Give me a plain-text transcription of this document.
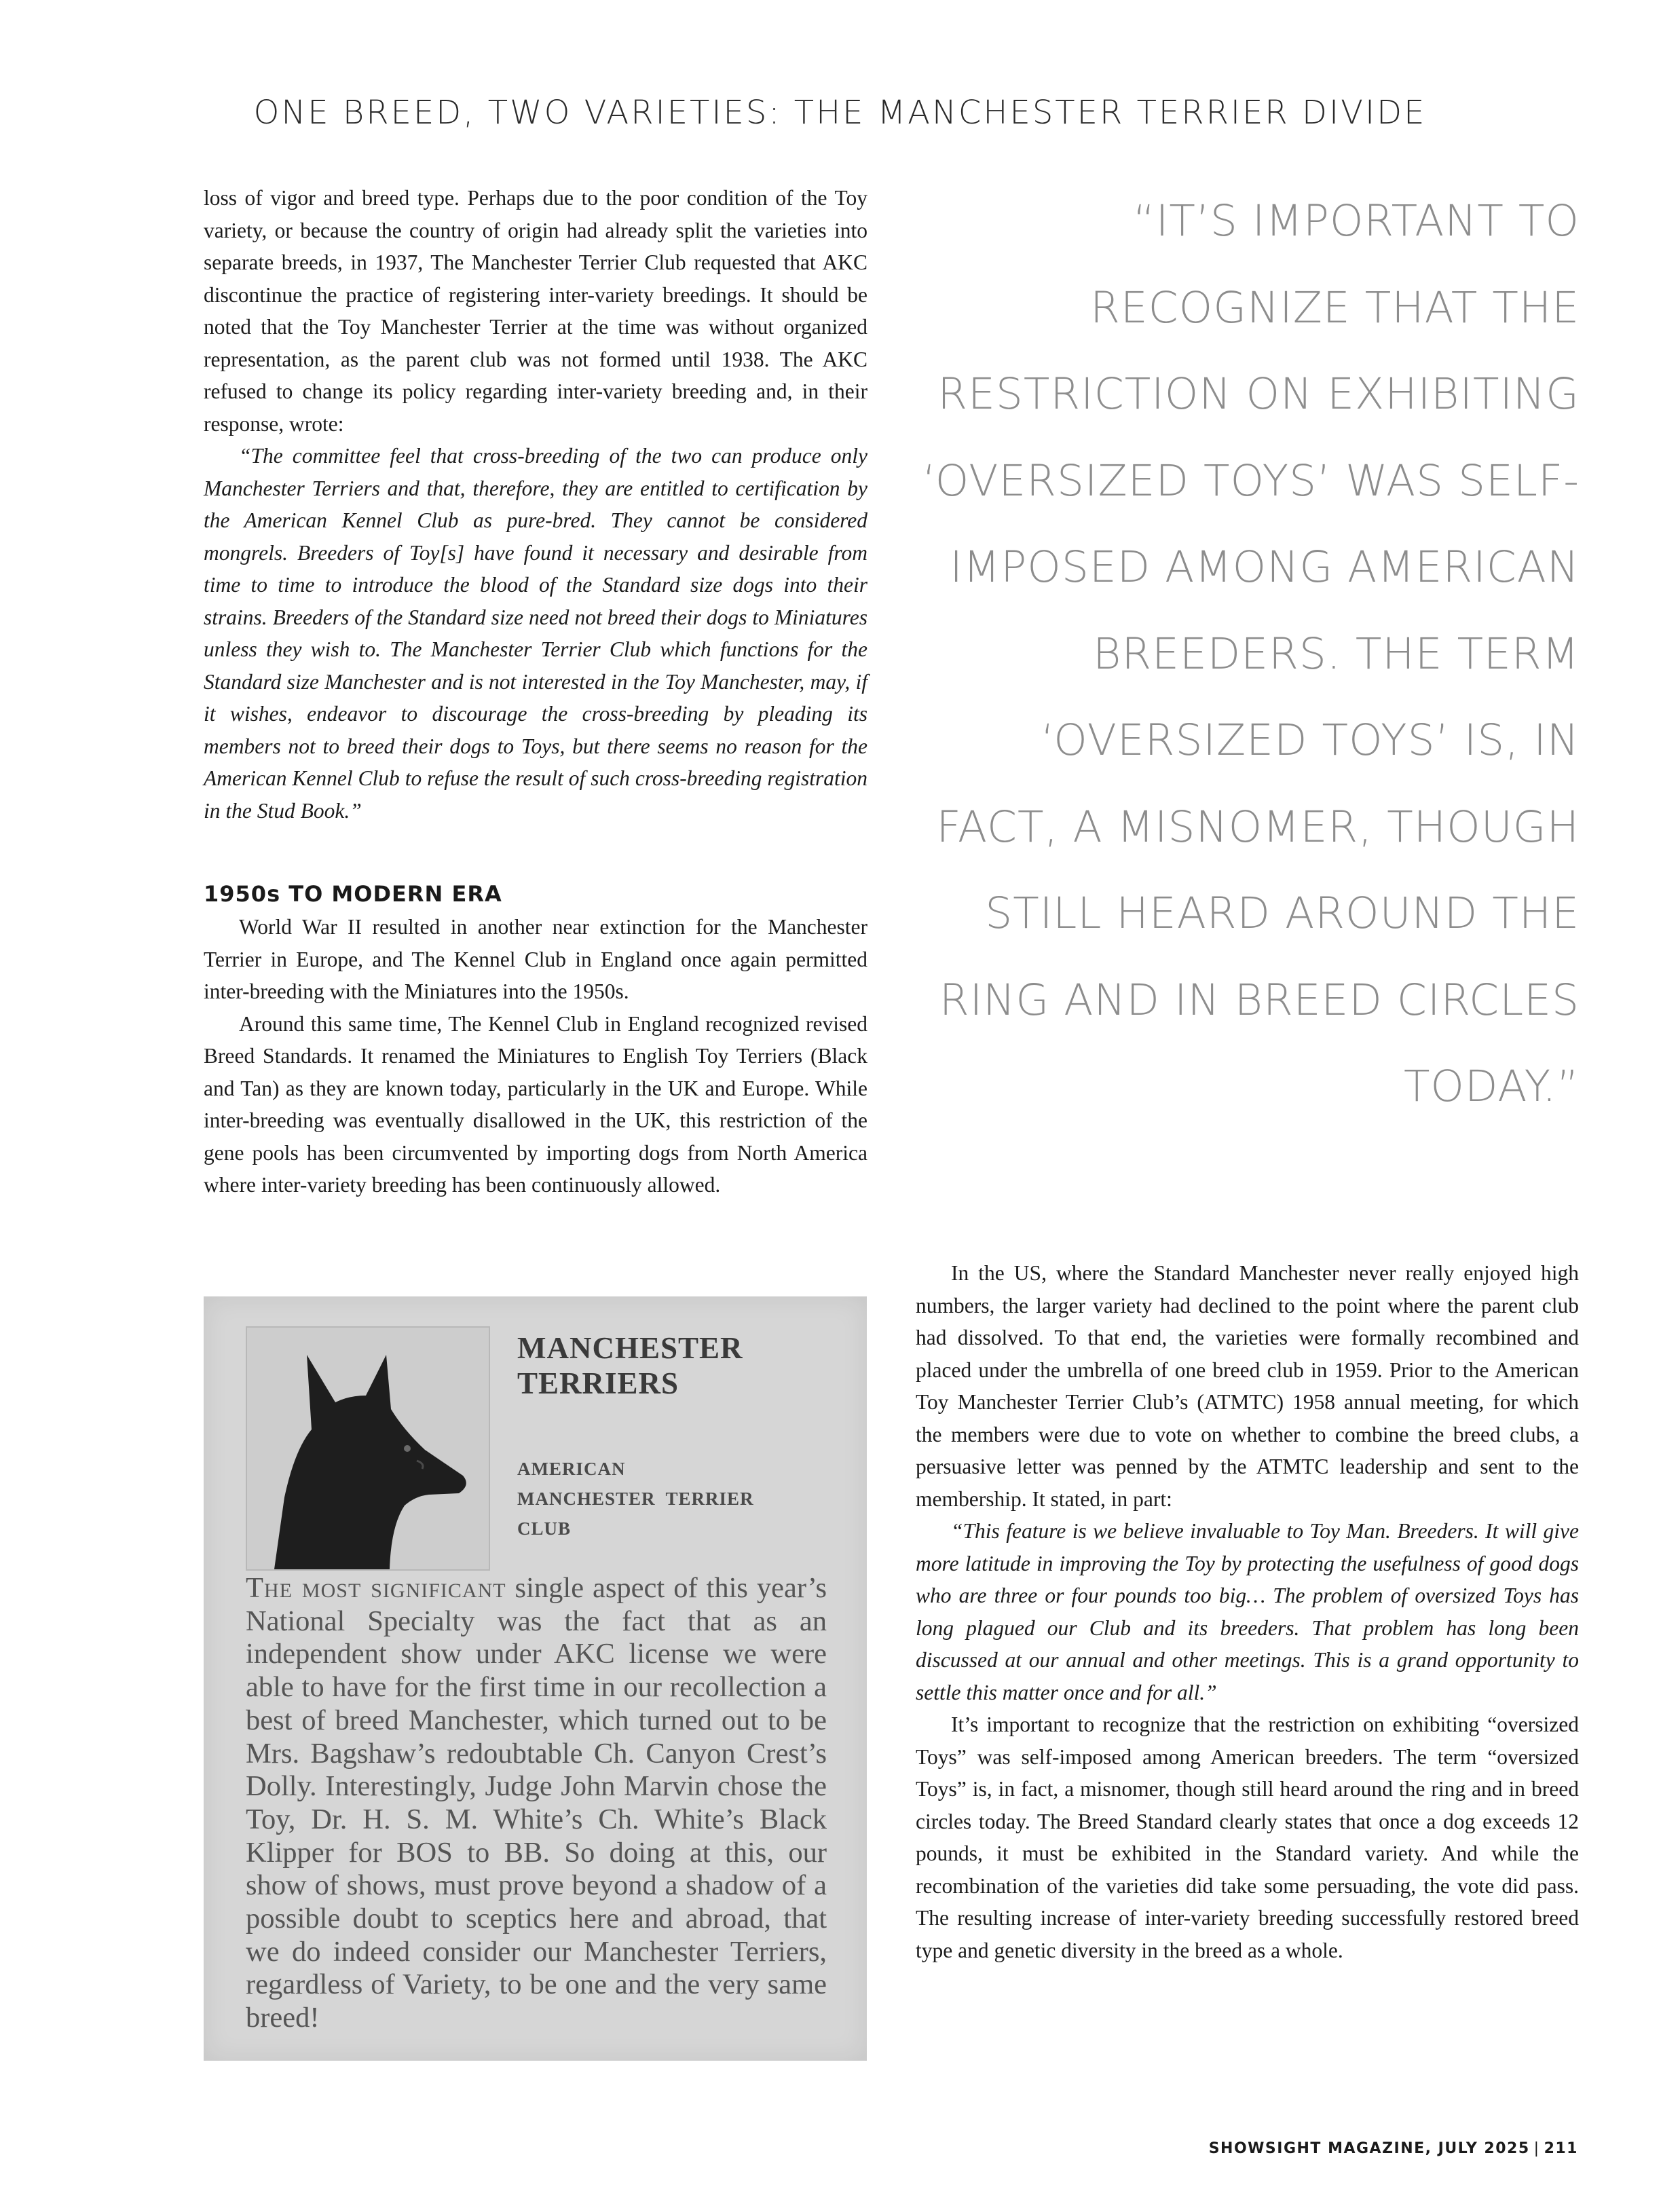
ONE BREED, TWO VARIETIES: THE MANCHESTER TERRIER DIVIDE

loss of vigor and breed type. Perhaps due to the poor condition of the Toy variety, or because the country of origin had already split the varieties into separate breeds, in 1937, The Manchester Terrier Club requested that AKC discontinue the practice of registering inter-variety breedings. It should be noted that the Toy Manchester Terrier at the time was without organized representation, as the parent club was not formed until 1938. The AKC refused to change its policy regarding inter-variety breeding and, in their response, wrote:

“The committee feel that cross-breeding of the two can produce only Manchester Terriers and that, therefore, they are entitled to certification by the American Kennel Club as pure-bred. They cannot be considered mongrels. Breeders of Toy[s] have found it necessary and desirable from time to time to introduce the blood of the Standard size dogs into their strains. Breeders of the Standard size need not breed their dogs to Miniatures unless they wish to. The Manchester Terrier Club which functions for the Standard size Manchester and is not interested in the Toy Manchester, may, if it wishes, endeavor to discourage the cross-breeding by pleading its members not to breed their dogs to Toys, but there seems no reason for the American Kennel Club to refuse the result of such cross-breeding registration in the Stud Book.”

1950s TO MODERN ERA

World War II resulted in another near extinction for the Manchester Terrier in Europe, and The Kennel Club in England once again permitted inter-breeding with the Miniatures into the 1950s.

Around this same time, The Kennel Club in England recognized revised Breed Standards. It renamed the Miniatures to English Toy Terriers (Black and Tan) as they are known today, particularly in the UK and Europe. While inter-breeding was eventually disallowed in the UK, this restriction of the gene pools has been circumvented by importing dogs from North America where inter-variety breeding has been continuously allowed.

“IT’S IMPORTANT TO RECOGNIZE THAT THE RESTRICTION ON EXHIBITING ‘OVERSIZED TOYS’ WAS SELF-IMPOSED AMONG AMERICAN BREEDERS. THE TERM ‘OVERSIZED TOYS’ IS, IN FACT, A MISNOMER, THOUGH STILL HEARD AROUND THE RING AND IN BREED CIRCLES TODAY.”
MANCHESTER
TERRIERS
AMERICAN
MANCHESTER  TERRIER
CLUB
The most significant single aspect of this year’s National Specialty was the fact that as an independent show under AKC license we were able to have for the first time in our recollection a best of breed Manchester, which turned out to be Mrs. Bagshaw’s redoubtable Ch. Canyon Crest’s Dolly. Interestingly, Judge John Marvin chose the Toy, Dr. H. S. M. White’s Ch. White’s Black Klipper for BOS to BB. So doing at this, our show of shows, must prove beyond a shadow of a possible doubt to sceptics here and abroad, that we do indeed consider our Manchester Terriers, regardless of Variety, to be one and the very same breed!

In the US, where the Standard Manchester never really enjoyed high numbers, the larger variety had declined to the point where the parent club had dissolved. To that end, the varieties were formally recombined and placed under the umbrella of one breed club in 1959. Prior to the American Toy Manchester Terrier Club’s (ATMTC) 1958 annual meeting, for which the members were due to vote on whether to combine the breed clubs, a persuasive letter was penned by the ATMTC leadership and sent to the membership. It stated, in part:

“This feature is we believe invaluable to Toy Man. Breeders. It will give more latitude in improving the Toy by protecting the usefulness of good dogs who are three or four pounds too big… The problem of oversized Toys has long plagued our Club and its breeders. That problem has long been discussed at our annual and other meetings. This is a grand opportunity to settle this matter once and for all.”

It’s important to recognize that the restriction on exhibiting “oversized Toys” was self-imposed among American breeders. The term “oversized Toys” is, in fact, a misnomer, though still heard around the ring and in breed circles today. The Breed Standard clearly states that once a dog exceeds 12 pounds, it must be exhibited in the Standard variety. And while the recombination of the varieties did take some persuading, the vote did pass. The resulting increase of inter-variety breeding successfully restored breed type and genetic diversity in the breed as a whole.

SHOWSIGHT MAGAZINE, JULY 2025 | 211
